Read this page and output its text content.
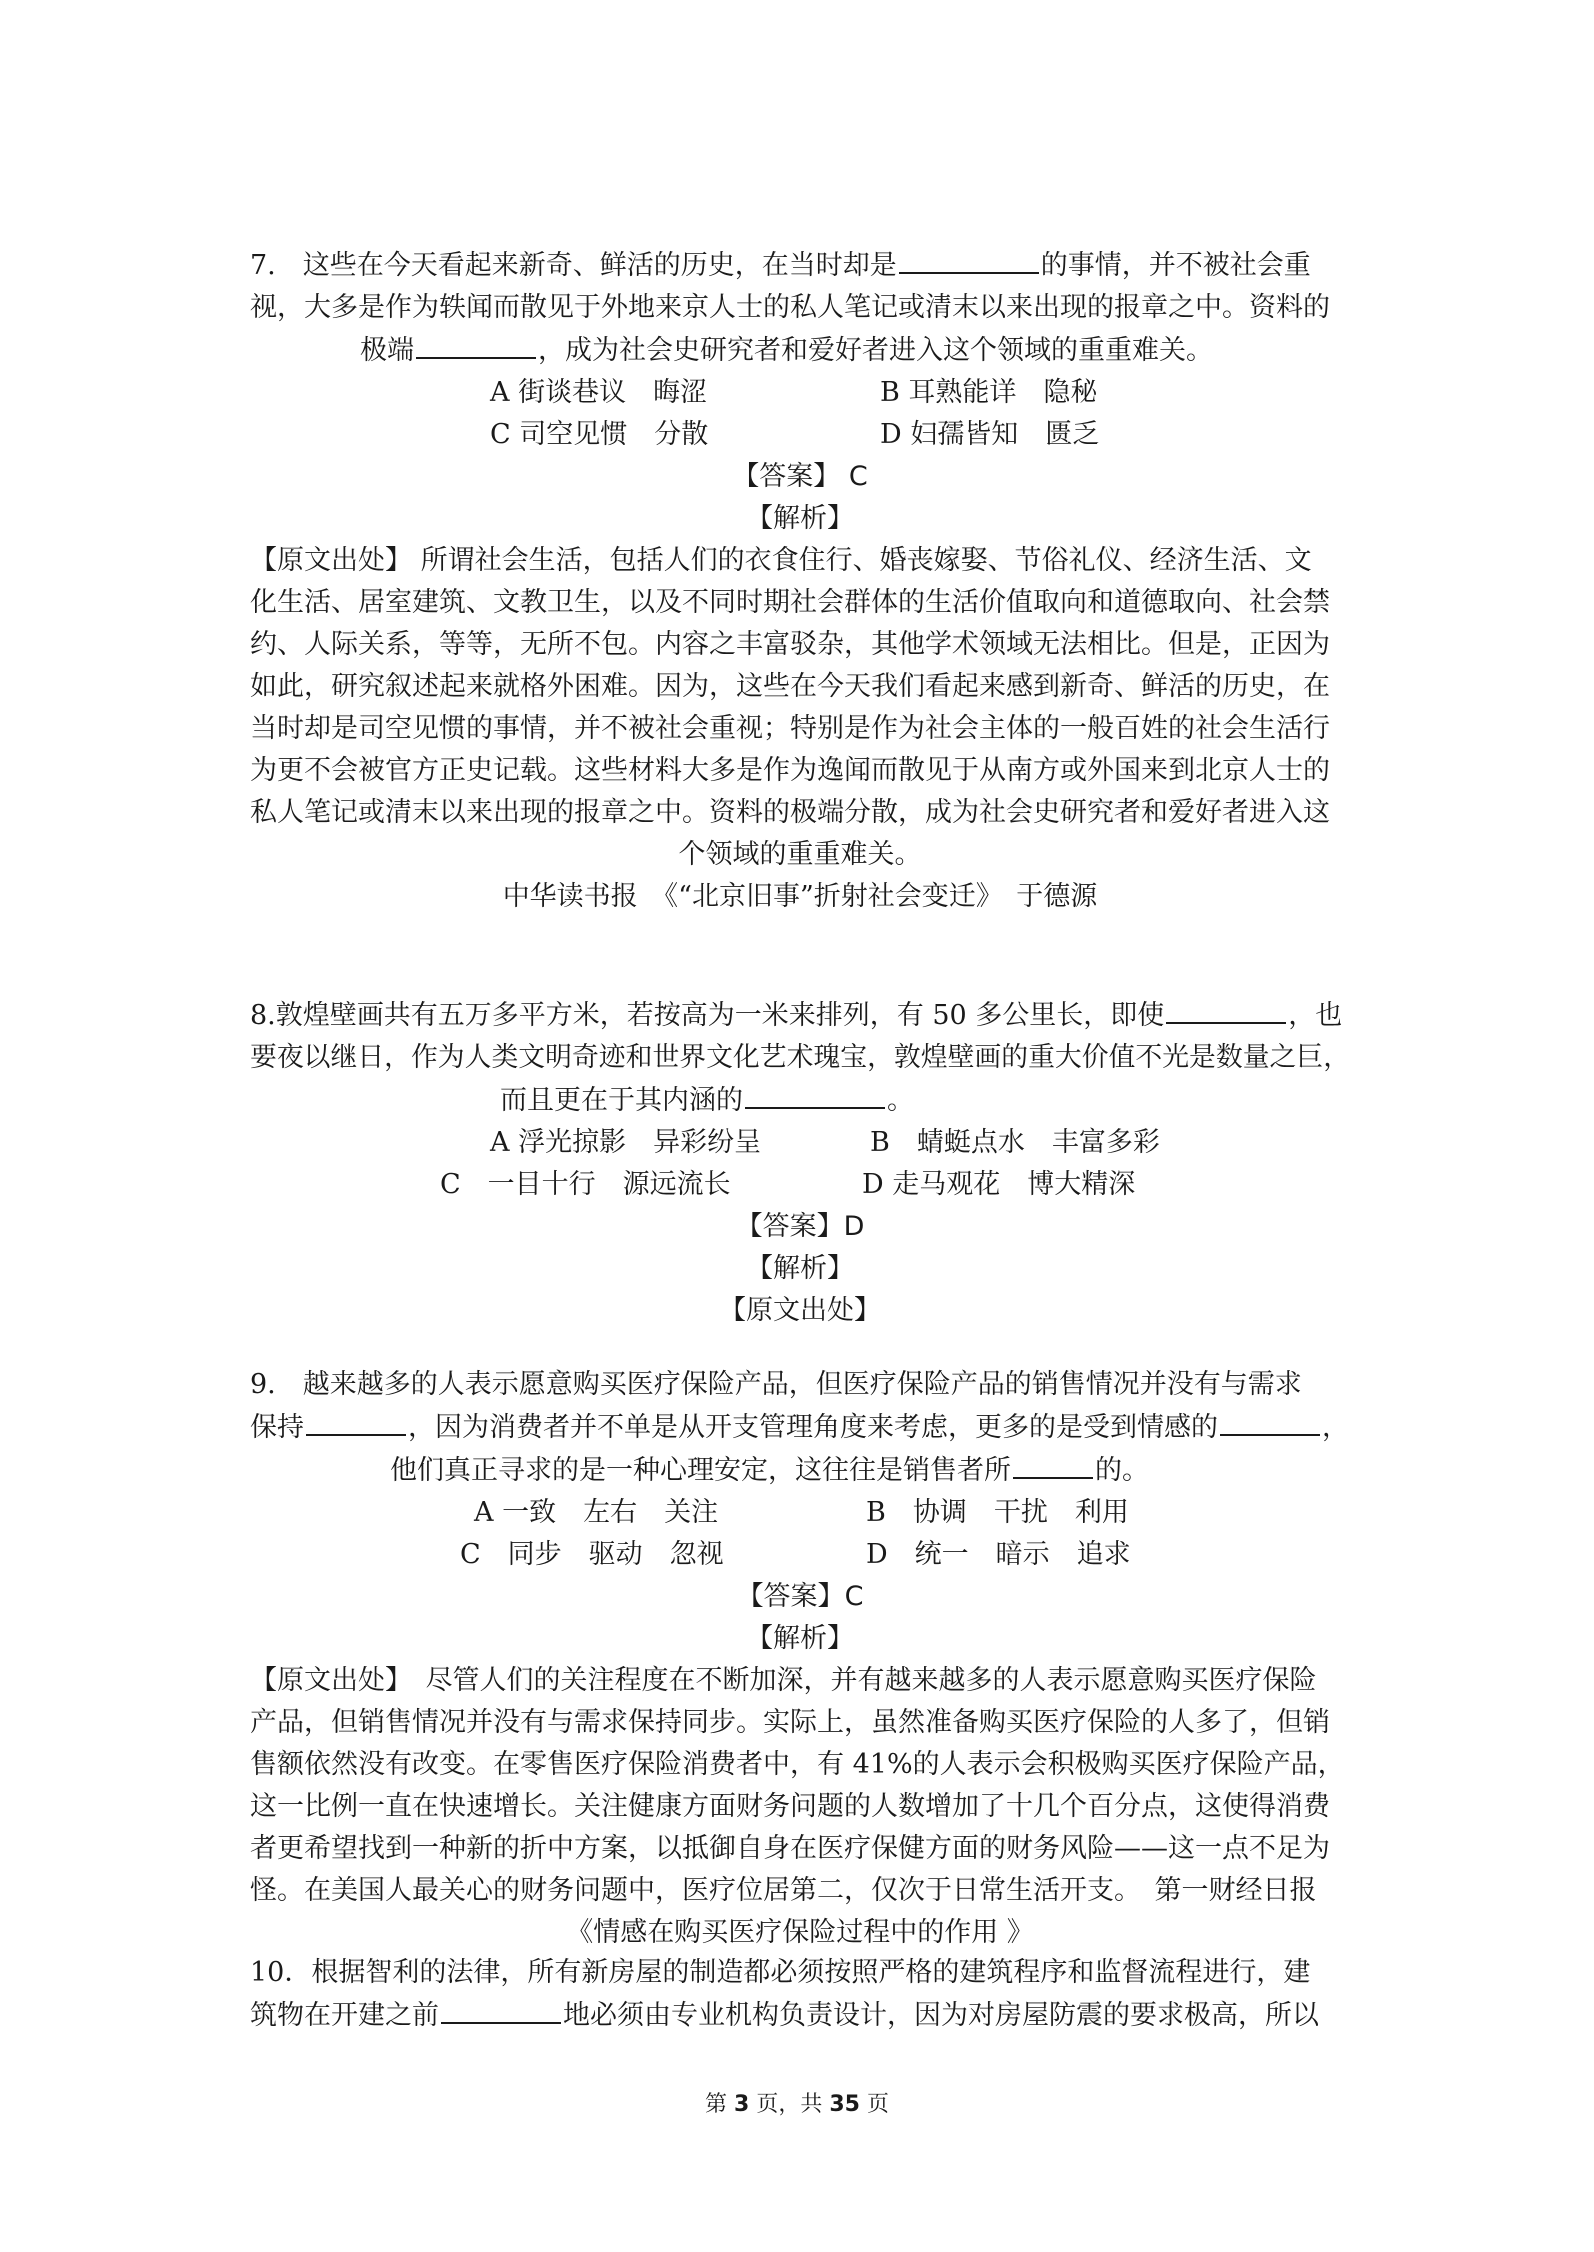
7.　这些在今天看起来新奇、鲜活的历史，在当时却是	的事情，并不被社会重
视，大多是作为轶闻而散见于外地来京人士的私人笔记或清末以来出现的报章之中。资料的
极端	，成为社会史研究者和爱好者进入这个领域的重重难关。
A 街谈巷议　晦涩	B 耳熟能详　隐秘
C 司空见惯　分散	D 妇孺皆知　匮乏
【答案】 C
【解析】
【原文出处】 所谓社会生活，包括人们的衣食住行、婚丧嫁娶、节俗礼仪、经济生活、文
化生活、居室建筑、文教卫生，以及不同时期社会群体的生活价值取向和道德取向、社会禁
约、人际关系，等等，无所不包。内容之丰富驳杂，其他学术领域无法相比。但是，正因为
如此，研究叙述起来就格外困难。因为，这些在今天我们看起来感到新奇、鲜活的历史，在
当时却是司空见惯的事情，并不被社会重视；特别是作为社会主体的一般百姓的社会生活行
为更不会被官方正史记载。这些材料大多是作为逸闻而散见于从南方或外国来到北京人士的
私人笔记或清末以来出现的报章之中。资料的极端分散，成为社会史研究者和爱好者进入这
个领域的重重难关。
中华读书报　《“北京旧事”折射社会变迁》　于德源
8.敦煌壁画共有五万多平方米，若按高为一米来排列，有 50 多公里长，即使	，也
要夜以继日，作为人类文明奇迹和世界文化艺术瑰宝，敦煌壁画的重大价值不光是数量之巨，
而且更在于其内涵的	。
A 浮光掠影　异彩纷呈	B　蜻蜓点水　丰富多彩
C　一目十行　源远流长	D 走马观花　博大精深
【答案】D
【解析】
【原文出处】
9.　越来越多的人表示愿意购买医疗保险产品，但医疗保险产品的销售情况并没有与需求
保持	，因为消费者并不单是从开支管理角度来考虑，更多的是受到情感的	，
他们真正寻求的是一种心理安定，这往往是销售者所	的。
A 一致　左右　关注	B　协调　干扰　利用
C　同步　驱动　忽视	D　统一　暗示　追求
【答案】C
【解析】
【原文出处】　尽管人们的关注程度在不断加深，并有越来越多的人表示愿意购买医疗保险
产品，但销售情况并没有与需求保持同步。实际上，虽然准备购买医疗保险的人多了，但销
售额依然没有改变。在零售医疗保险消费者中，有 41%的人表示会积极购买医疗保险产品，
这一比例一直在快速增长。关注健康方面财务问题的人数增加了十几个百分点，这使得消费
者更希望找到一种新的折中方案，以抵御自身在医疗保健方面的财务风险——这一点不足为
怪。在美国人最关心的财务问题中，医疗位居第二，仅次于日常生活开支。　第一财经日报
《情感在购买医疗保险过程中的作用 》
10．根据智利的法律，所有新房屋的制造都必须按照严格的建筑程序和监督流程进行，建
筑物在开建之前	地必须由专业机构负责设计，因为对房屋防震的要求极高，所以
第 3 页，共 35 页
